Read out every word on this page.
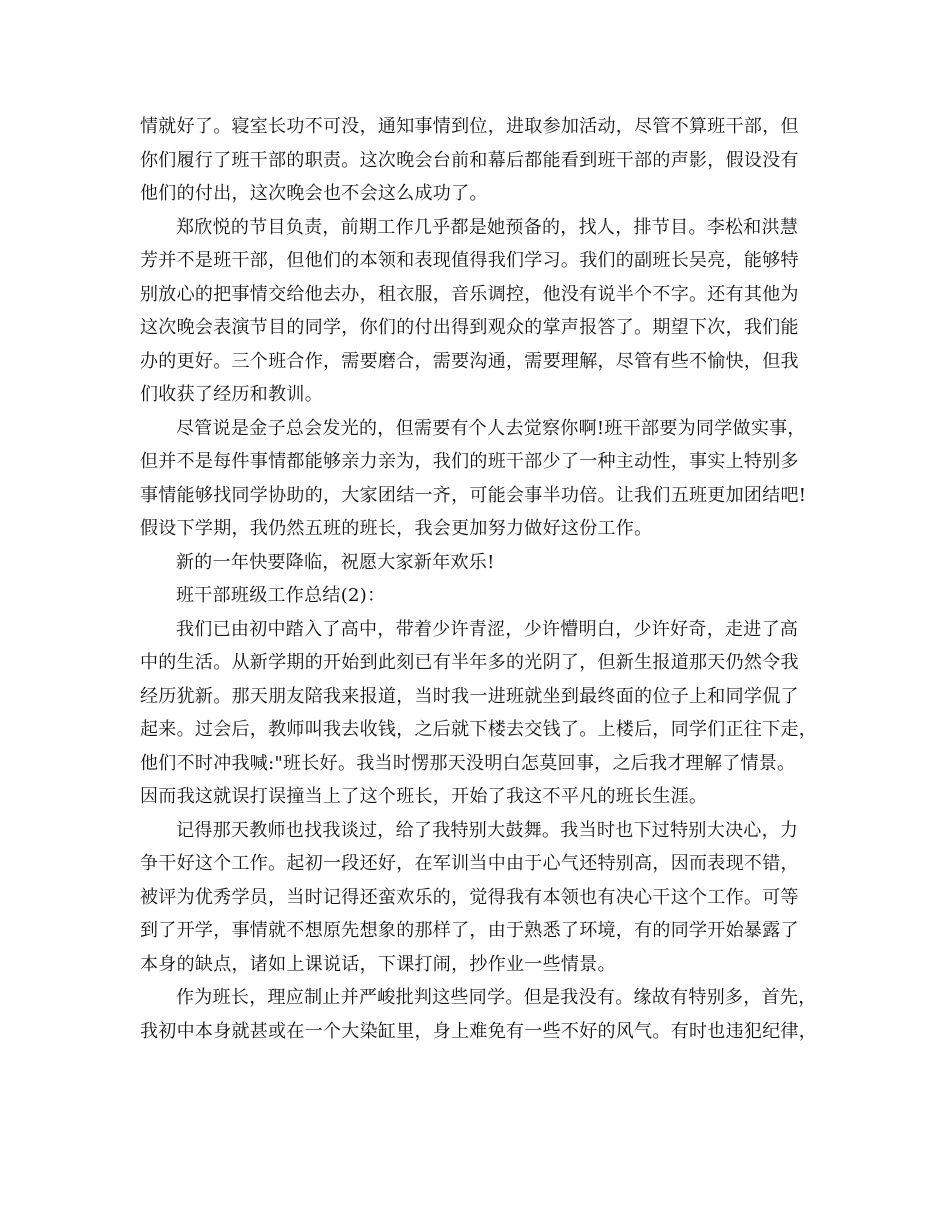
情就好了。寝室长功不可没，通知事情到位，进取参加活动，尽管不算班干部，但
你们履行了班干部的职责。这次晚会台前和幕后都能看到班干部的声影，假设没有
他们的付出，这次晚会也不会这么成功了。
郑欣悦的节目负责，前期工作几乎都是她预备的，找人，排节目。李松和洪慧
芳并不是班干部，但他们的本领和表现值得我们学习。我们的副班长吴亮，能够特
别放心的把事情交给他去办，租衣服，音乐调控，他没有说半个不字。还有其他为
这次晚会表演节目的同学，你们的付出得到观众的掌声报答了。期望下次，我们能
办的更好。三个班合作，需要磨合，需要沟通，需要理解，尽管有些不愉快，但我
们收获了经历和教训。
尽管说是金子总会发光的，但需要有个人去觉察你啊!班干部要为同学做实事，
但并不是每件事情都能够亲力亲为，我们的班干部少了一种主动性，事实上特别多
事情能够找同学协助的，大家团结一齐，可能会事半功倍。让我们五班更加团结吧!
假设下学期，我仍然五班的班长，我会更加努力做好这份工作。
新的一年快要降临，祝愿大家新年欢乐!
班干部班级工作总结(2)：
我们已由初中踏入了高中，带着少许青涩，少许懵明白，少许好奇，走进了高
中的生活。从新学期的开始到此刻已有半年多的光阴了，但新生报道那天仍然令我
经历犹新。那天朋友陪我来报道，当时我一进班就坐到最终面的位子上和同学侃了
起来。过会后，教师叫我去收钱，之后就下楼去交钱了。上楼后，同学们正往下走，
他们不时冲我喊:"班长好。我当时愣那天没明白怎莫回事，之后我才理解了情景。
因而我这就误打误撞当上了这个班长，开始了我这不平凡的班长生涯。
记得那天教师也找我谈过，给了我特别大鼓舞。我当时也下过特别大决心，力
争干好这个工作。起初一段还好，在军训当中由于心气还特别高，因而表现不错，
被评为优秀学员，当时记得还蛮欢乐的，觉得我有本领也有决心干这个工作。可等
到了开学，事情就不想原先想象的那样了，由于熟悉了环境，有的同学开始暴露了
本身的缺点，诸如上课说话，下课打闹，抄作业一些情景。
作为班长，理应制止并严峻批判这些同学。但是我没有。缘故有特别多，首先，
我初中本身就甚或在一个大染缸里，身上难免有一些不好的风气。有时也违犯纪律，
